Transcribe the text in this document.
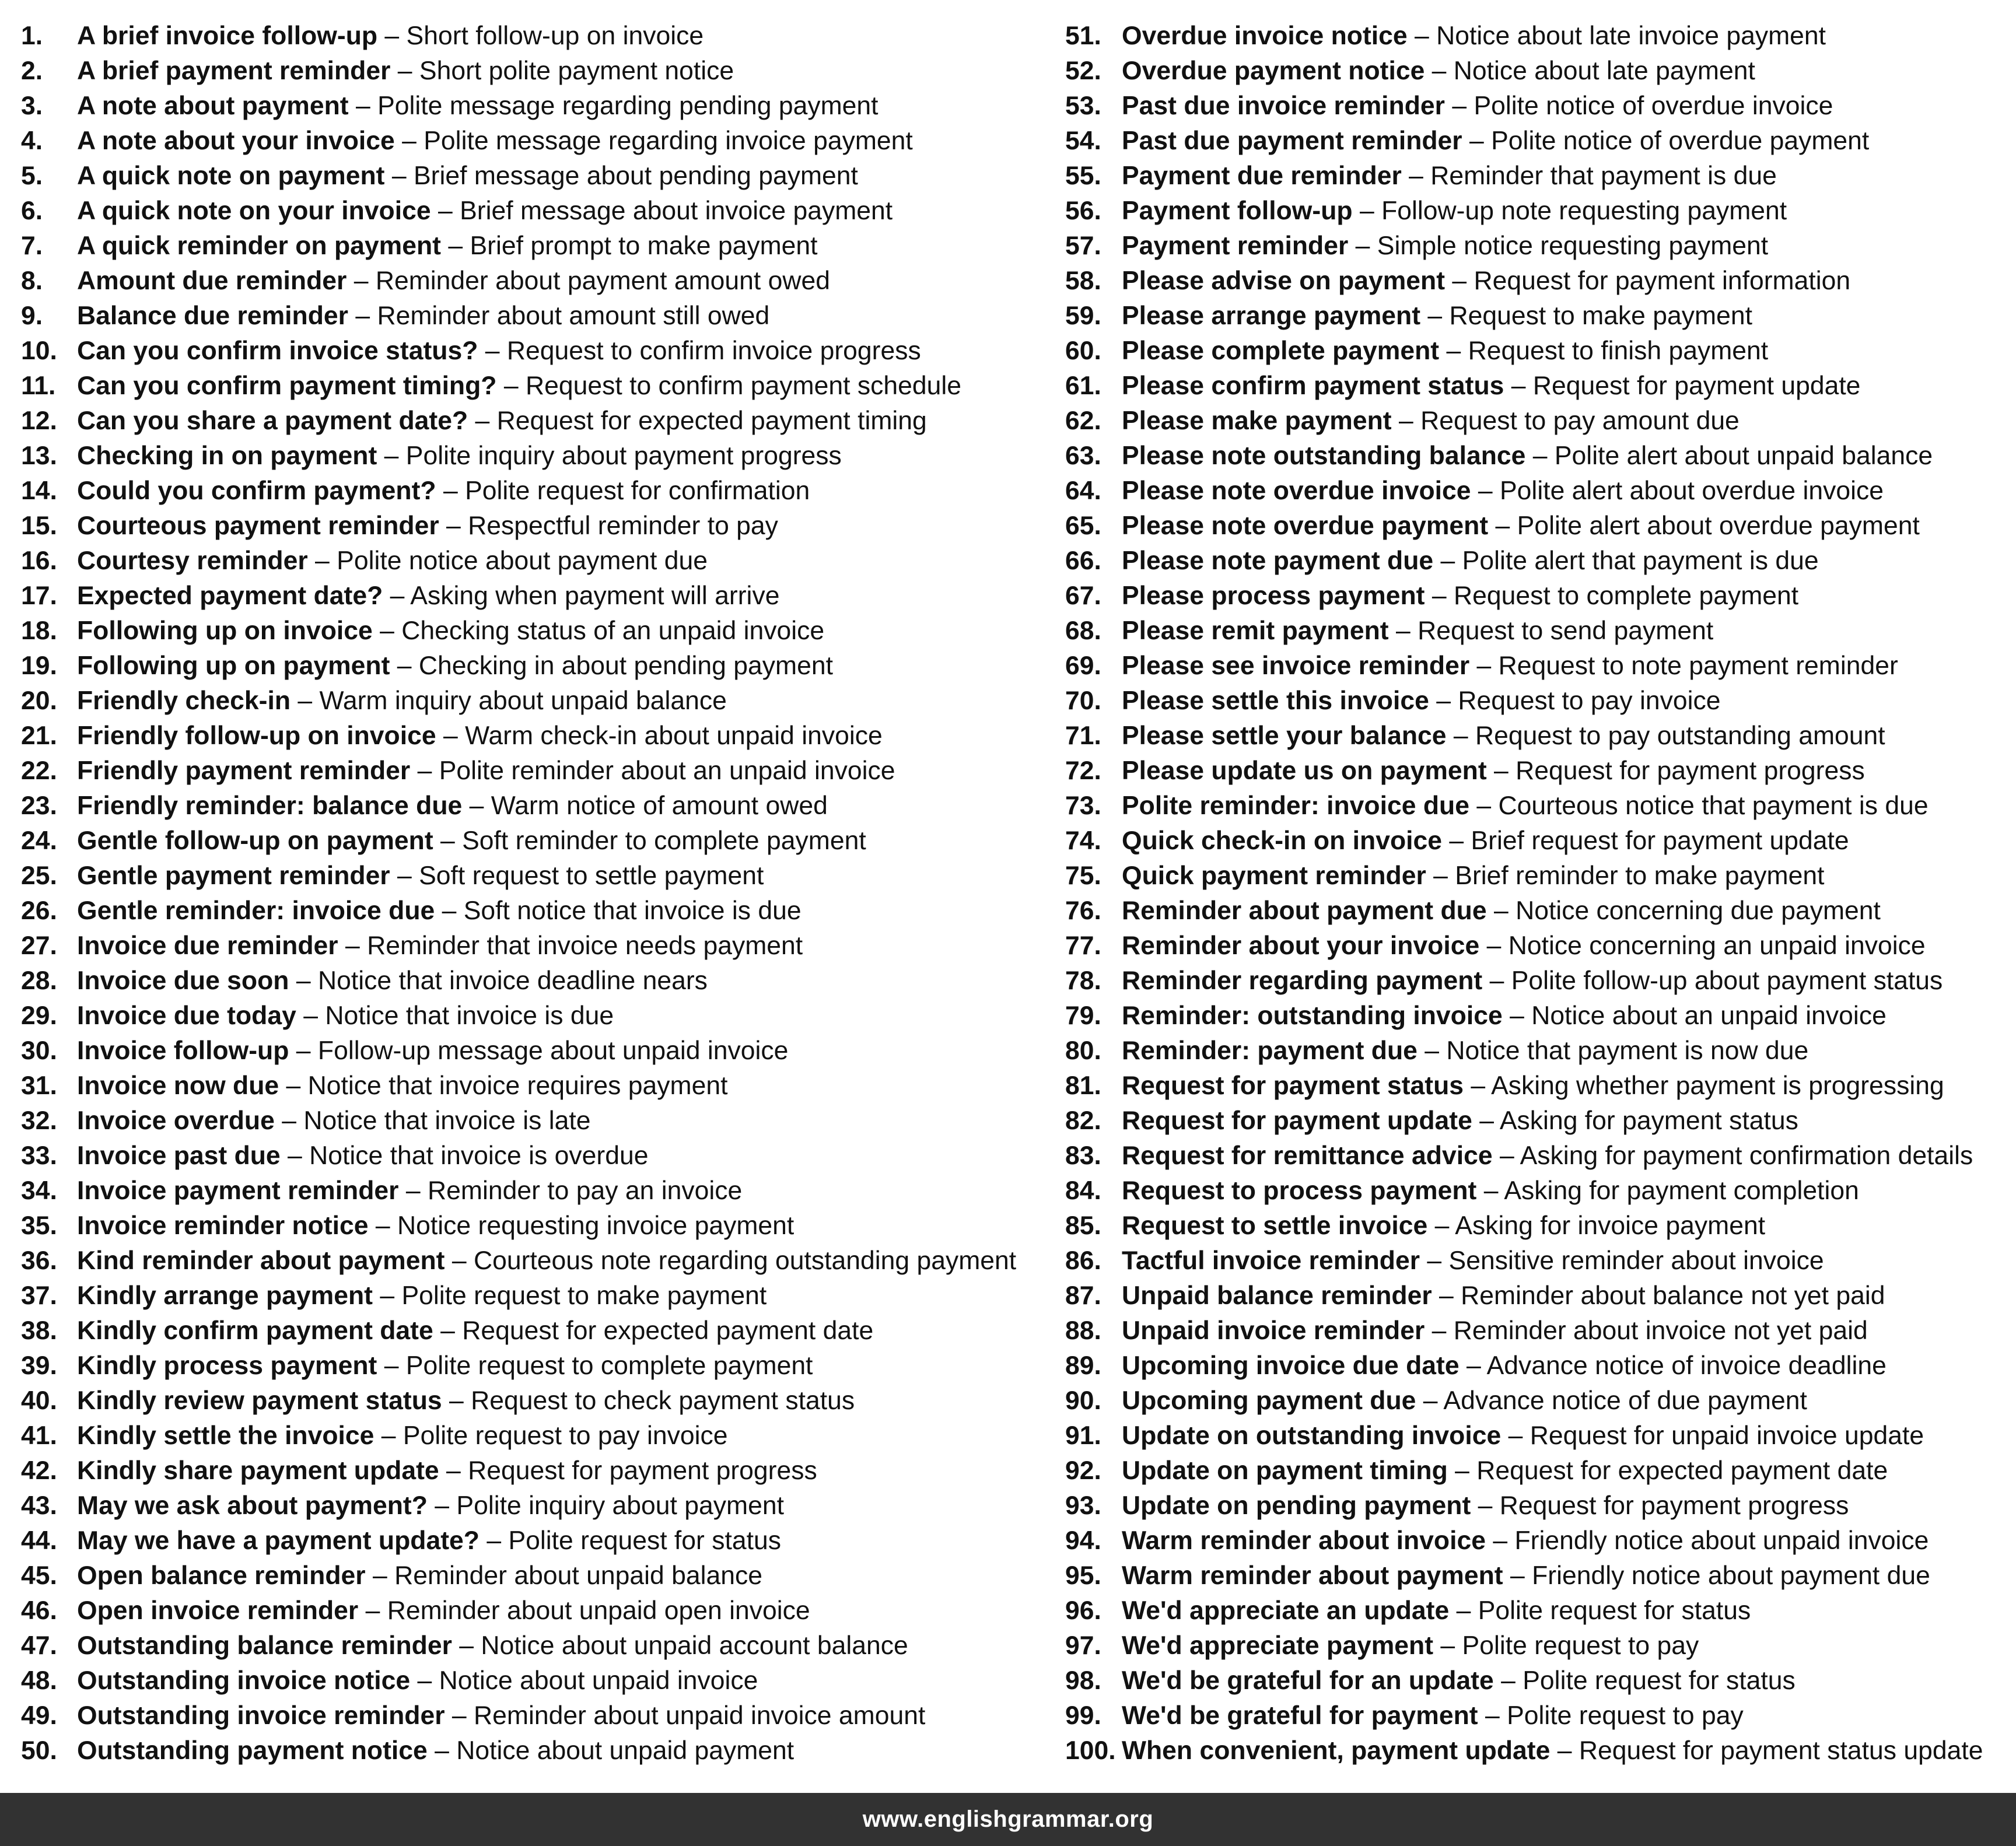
1. A brief invoice follow-up – Short follow-up on invoice
2. A brief payment reminder – Short polite payment notice
3. A note about payment – Polite message regarding pending payment
4. A note about your invoice – Polite message regarding invoice payment
5. A quick note on payment – Brief message about pending payment
6. A quick note on your invoice – Brief message about invoice payment
7. A quick reminder on payment – Brief prompt to make payment
8. Amount due reminder – Reminder about payment amount owed
9. Balance due reminder – Reminder about amount still owed
10. Can you confirm invoice status? – Request to confirm invoice progress
11. Can you confirm payment timing? – Request to confirm payment schedule
12. Can you share a payment date? – Request for expected payment timing
13. Checking in on payment – Polite inquiry about payment progress
14. Could you confirm payment? – Polite request for confirmation
15. Courteous payment reminder – Respectful reminder to pay
16. Courtesy reminder – Polite notice about payment due
17. Expected payment date? – Asking when payment will arrive
18. Following up on invoice – Checking status of an unpaid invoice
19. Following up on payment – Checking in about pending payment
20. Friendly check-in – Warm inquiry about unpaid balance
21. Friendly follow-up on invoice – Warm check-in about unpaid invoice
22. Friendly payment reminder – Polite reminder about an unpaid invoice
23. Friendly reminder: balance due – Warm notice of amount owed
24. Gentle follow-up on payment – Soft reminder to complete payment
25. Gentle payment reminder – Soft request to settle payment
26. Gentle reminder: invoice due – Soft notice that invoice is due
27. Invoice due reminder – Reminder that invoice needs payment
28. Invoice due soon – Notice that invoice deadline nears
29. Invoice due today – Notice that invoice is due
30. Invoice follow-up – Follow-up message about unpaid invoice
31. Invoice now due – Notice that invoice requires payment
32. Invoice overdue – Notice that invoice is late
33. Invoice past due – Notice that invoice is overdue
34. Invoice payment reminder – Reminder to pay an invoice
35. Invoice reminder notice – Notice requesting invoice payment
36. Kind reminder about payment – Courteous note regarding outstanding payment
37. Kindly arrange payment – Polite request to make payment
38. Kindly confirm payment date – Request for expected payment date
39. Kindly process payment – Polite request to complete payment
40. Kindly review payment status – Request to check payment status
41. Kindly settle the invoice – Polite request to pay invoice
42. Kindly share payment update – Request for payment progress
43. May we ask about payment? – Polite inquiry about payment
44. May we have a payment update? – Polite request for status
45. Open balance reminder – Reminder about unpaid balance
46. Open invoice reminder – Reminder about unpaid open invoice
47. Outstanding balance reminder – Notice about unpaid account balance
48. Outstanding invoice notice – Notice about unpaid invoice
49. Outstanding invoice reminder – Reminder about unpaid invoice amount
50. Outstanding payment notice – Notice about unpaid payment
51. Overdue invoice notice – Notice about late invoice payment
52. Overdue payment notice – Notice about late payment
53. Past due invoice reminder – Polite notice of overdue invoice
54. Past due payment reminder – Polite notice of overdue payment
55. Payment due reminder – Reminder that payment is due
56. Payment follow-up – Follow-up note requesting payment
57. Payment reminder – Simple notice requesting payment
58. Please advise on payment – Request for payment information
59. Please arrange payment – Request to make payment
60. Please complete payment – Request to finish payment
61. Please confirm payment status – Request for payment update
62. Please make payment – Request to pay amount due
63. Please note outstanding balance – Polite alert about unpaid balance
64. Please note overdue invoice – Polite alert about overdue invoice
65. Please note overdue payment – Polite alert about overdue payment
66. Please note payment due – Polite alert that payment is due
67. Please process payment – Request to complete payment
68. Please remit payment – Request to send payment
69. Please see invoice reminder – Request to note payment reminder
70. Please settle this invoice – Request to pay invoice
71. Please settle your balance – Request to pay outstanding amount
72. Please update us on payment – Request for payment progress
73. Polite reminder: invoice due – Courteous notice that payment is due
74. Quick check-in on invoice – Brief request for payment update
75. Quick payment reminder – Brief reminder to make payment
76. Reminder about payment due – Notice concerning due payment
77. Reminder about your invoice – Notice concerning an unpaid invoice
78. Reminder regarding payment – Polite follow-up about payment status
79. Reminder: outstanding invoice – Notice about an unpaid invoice
80. Reminder: payment due – Notice that payment is now due
81. Request for payment status – Asking whether payment is progressing
82. Request for payment update – Asking for payment status
83. Request for remittance advice – Asking for payment confirmation details
84. Request to process payment – Asking for payment completion
85. Request to settle invoice – Asking for invoice payment
86. Tactful invoice reminder – Sensitive reminder about invoice
87. Unpaid balance reminder – Reminder about balance not yet paid
88. Unpaid invoice reminder – Reminder about invoice not yet paid
89. Upcoming invoice due date – Advance notice of invoice deadline
90. Upcoming payment due – Advance notice of due payment
91. Update on outstanding invoice – Request for unpaid invoice update
92. Update on payment timing – Request for expected payment date
93. Update on pending payment – Request for payment progress
94. Warm reminder about invoice – Friendly notice about unpaid invoice
95. Warm reminder about payment – Friendly notice about payment due
96. We'd appreciate an update – Polite request for status
97. We'd appreciate payment – Polite request to pay
98. We'd be grateful for an update – Polite request for status
99. We'd be grateful for payment – Polite request to pay
100. When convenient, payment update – Request for payment status update
www.englishgrammar.org
